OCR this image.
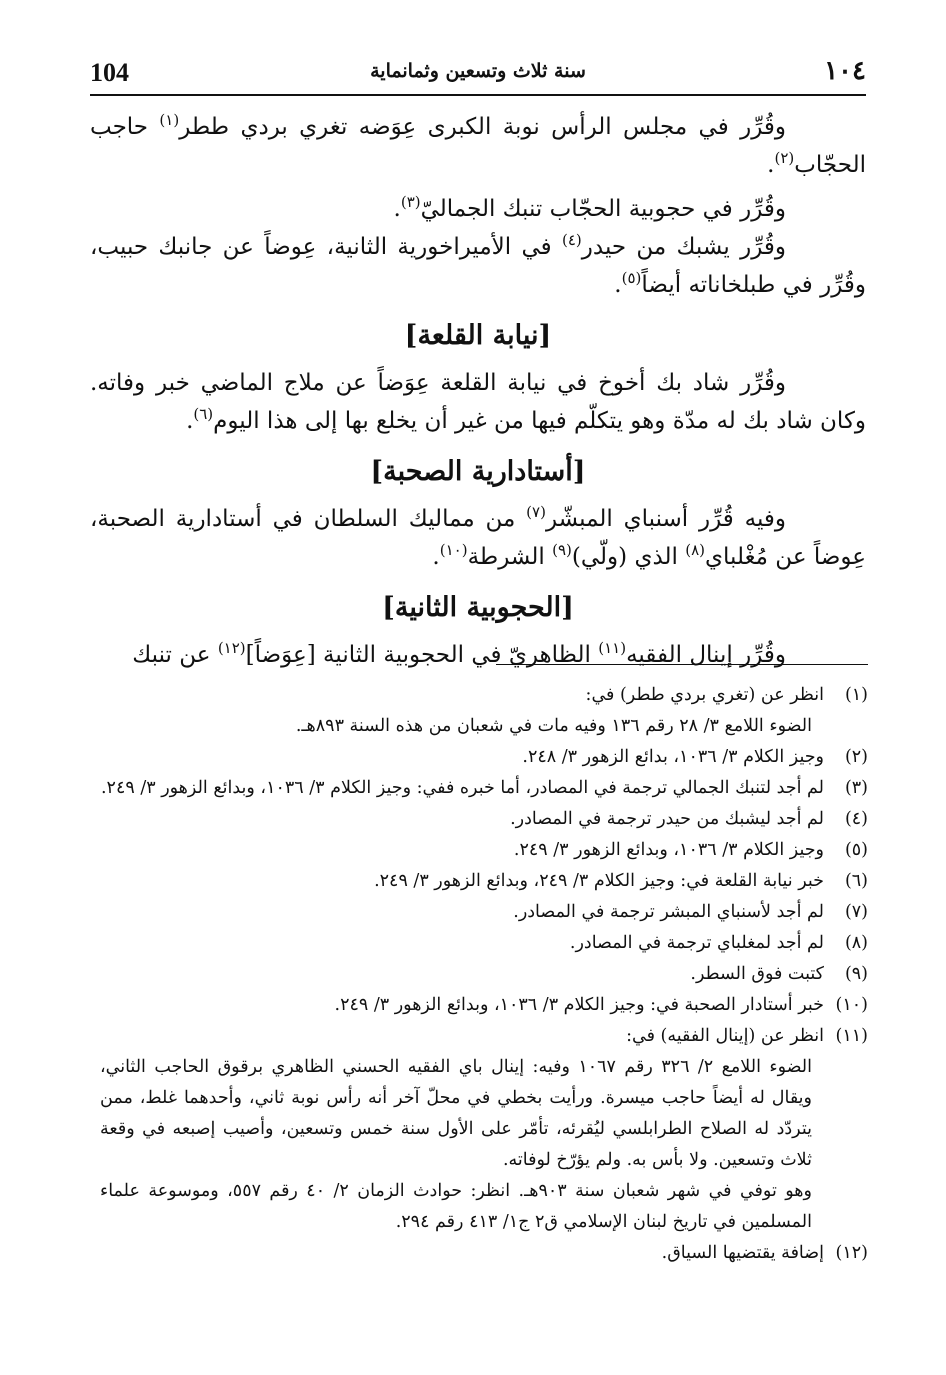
104	سنة ثلاث وتسعين وثمانماية	١٠٤

وقُرِّر في مجلس الرأس نوبة الكبرى عِوَضه تغري بردي ططر$^{(١)}$ حاجب الحجّاب$^{(٢)}$.

وقُرِّر في حجوبية الحجّاب تنبك الجماليّ$^{(٣)}$.

وقُرِّر يشبك من حيدر$^{(٤)}$ في الأميراخورية الثانية، عِوضاً عن جانبك حبيب، وقُرِّر في طبلخاناته أيضاً$^{(٥)}$.

[نيابة القلعة]

وقُرِّر شاد بك أخوخ في نيابة القلعة عِوَضاً عن ملاج الماضي خبر وفاته. وكان شاد بك له مدّة وهو يتكلّم فيها من غير أن يخلع بها إلى هذا اليوم$^{(٦)}$.

[أستادارية الصحبة]

وفيه قُرِّر أسنباي المبشّر$^{(٧)}$ من مماليك السلطان في أستادارية الصحبة، عِوضاً عن مُغْلباي$^{(٨)}$ الذي (ولّي)$^{(٩)}$ الشرطة$^{(١٠)}$.

[الحجوبية الثانية]

وقُرِّر إينال الفقيه$^{(١١)}$ الظاهريّ في الحجوبية الثانية [عِوَضاً]$^{(١٢)}$ عن تنبك

(١)
انظر عن (تغري بردي ططر) في:
الضوء اللامع ٣/ ٢٨ رقم ١٣٦ وفيه مات في شعبان من هذه السنة ٨٩٣هـ.

(٢)
وجيز الكلام ٣/ ١٠٣٦، بدائع الزهور ٣/ ٢٤٨.

(٣)
لم أجد لتنبك الجمالي ترجمة في المصادر، أما خبره ففي: وجيز الكلام ٣/ ١٠٣٦، وبدائع الزهور ٣/ ٢٤٩.

(٤)
لم أجد ليشبك من حيدر ترجمة في المصادر.

(٥)
وجيز الكلام ٣/ ١٠٣٦، وبدائع الزهور ٣/ ٢٤٩.

(٦)
خبر نيابة القلعة في: وجيز الكلام ٣/ ٢٤٩، وبدائع الزهور ٣/ ٢٤٩.

(٧)
لم أجد لأسنباي المبشر ترجمة في المصادر.

(٨)
لم أجد لمغلباي ترجمة في المصادر.

(٩)
كتبت فوق السطر.

(١٠)
خبر أستادار الصحبة في: وجيز الكلام ٣/ ١٠٣٦، وبدائع الزهور ٣/ ٢٤٩.

(١١)
انظر عن (إينال الفقيه) في:
الضوء اللامع ٢/ ٣٢٦ رقم ١٠٦٧ وفيه: إينال باي الفقيه الحسني الظاهري برقوق الحاجب الثاني، ويقال له أيضاً حاجب ميسرة. ورأيت بخطي في محلّ آخر أنه رأس نوبة ثاني، وأحدهما غلط، ممن يتردّد له الصلاح الطرابلسي ليُقرئه، تأمّر على الأول سنة خمس وتسعين، وأصيب إصبعه في وقعة ثلاث وتسعين. ولا بأس به. ولم يؤرّخ لوفاته.
وهو توفي في شهر شعبان سنة ٩٠٣هـ. انظر: حوادث الزمان ٢/ ٤٠ رقم ٥٥٧، وموسوعة علماء المسلمين في تاريخ لبنان الإسلامي ق٢ ج١/ ٤١٣ رقم ٢٩٤.

(١٢)
إضافة يقتضيها السياق.
